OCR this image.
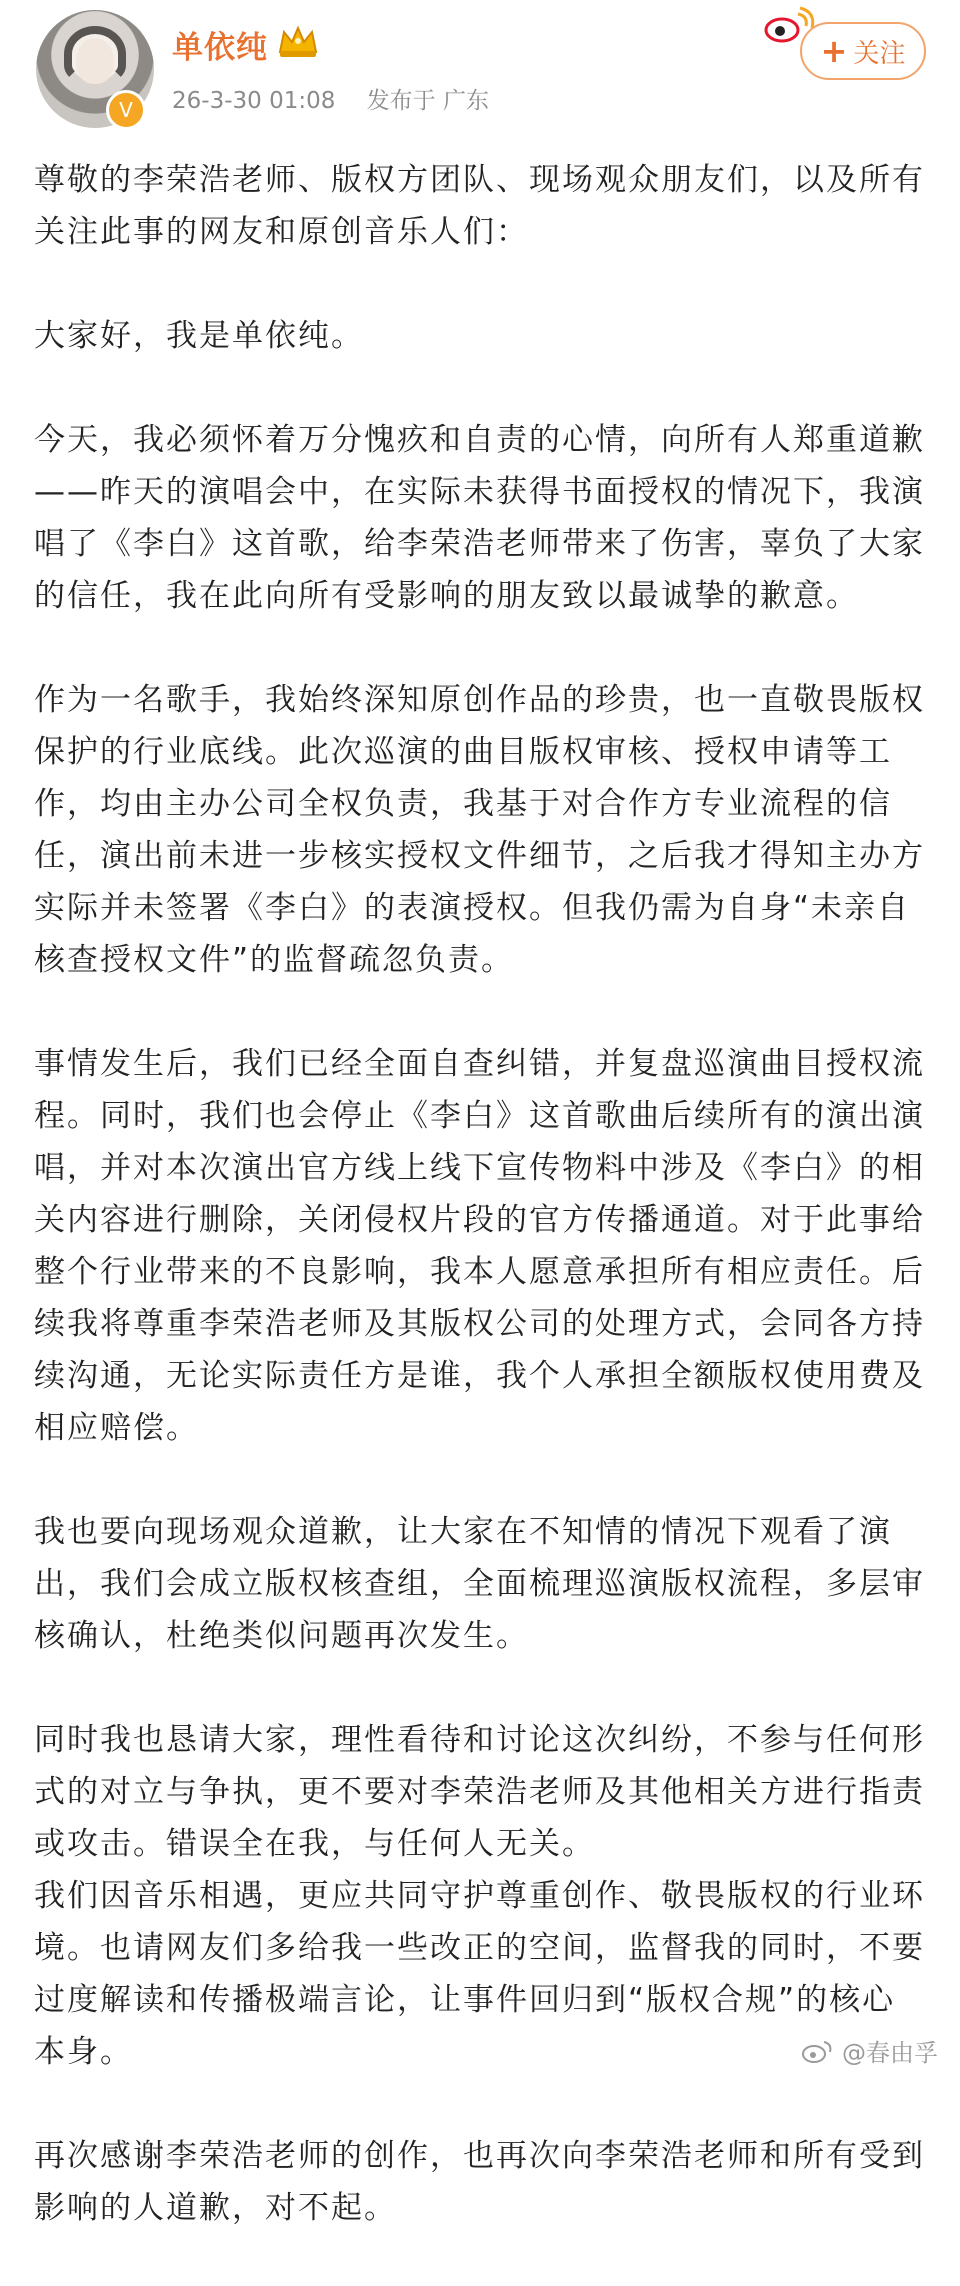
V
单依纯
26-3-30 01:08 发布于 广东
+ 关注

尊敬的李荣浩老师、版权方团队、现场观众朋友们，以及所有关注此事的网友和原创音乐人们：

大家好，我是单依纯。

今天，我必须怀着万分愧疚和自责的心情，向所有人郑重道歉——昨天的演唱会中，在实际未获得书面授权的情况下，我演唱了《李白》这首歌，给李荣浩老师带来了伤害，辜负了大家的信任，我在此向所有受影响的朋友致以最诚挚的歉意。

作为一名歌手，我始终深知原创作品的珍贵，也一直敬畏版权保护的行业底线。此次巡演的曲目版权审核、授权申请等工作，均由主办公司全权负责，我基于对合作方专业流程的信任，演出前未进一步核实授权文件细节，之后我才得知主办方实际并未签署《李白》的表演授权。但我仍需为自身“未亲自核查授权文件”的监督疏忽负责。

事情发生后，我们已经全面自查纠错，并复盘巡演曲目授权流程。同时，我们也会停止《李白》这首歌曲后续所有的演出演唱，并对本次演出官方线上线下宣传物料中涉及《李白》的相关内容进行删除，关闭侵权片段的官方传播通道。对于此事给整个行业带来的不良影响，我本人愿意承担所有相应责任。后续我将尊重李荣浩老师及其版权公司的处理方式，会同各方持续沟通，无论实际责任方是谁，我个人承担全额版权使用费及相应赔偿。

我也要向现场观众道歉，让大家在不知情的情况下观看了演出，我们会成立版权核查组，全面梳理巡演版权流程，多层审核确认，杜绝类似问题再次发生。

同时我也恳请大家，理性看待和讨论这次纠纷，不参与任何形式的对立与争执，更不要对李荣浩老师及其他相关方进行指责或攻击。错误全在我，与任何人无关。

我们因音乐相遇，更应共同守护尊重创作、敬畏版权的行业环境。也请网友们多给我一些改正的空间，监督我的同时，不要过度解读和传播极端言论，让事件回归到“版权合规”的核心本身。

再次感谢李荣浩老师的创作，也再次向李荣浩老师和所有受到影响的人道歉，对不起。

@春由孚
